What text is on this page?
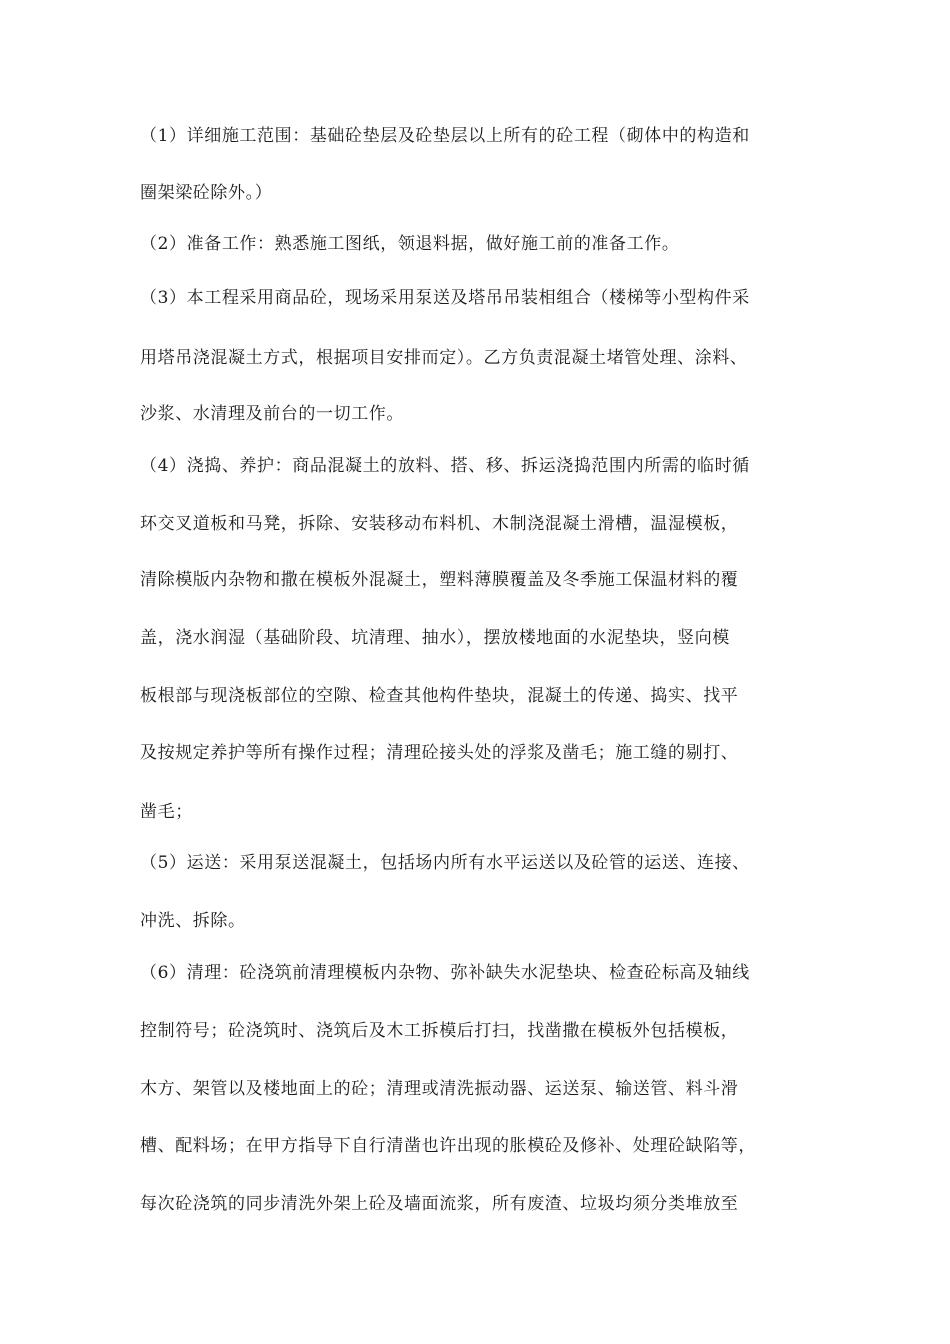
（1）详细施工范围：基础砼垫层及砼垫层以上所有的砼工程（砌体中的构造和
圈架梁砼除外。）
（2）准备工作：熟悉施工图纸，领退料据，做好施工前的准备工作。
（3）本工程采用商品砼，现场采用泵送及塔吊吊装相组合（楼梯等小型构件采
用塔吊浇混凝土方式，根据项目安排而定）。乙方负责混凝土堵管处理、涂料、
沙浆、水清理及前台的一切工作。
（4）浇捣、养护：商品混凝土的放料、搭、移、拆运浇捣范围内所需的临时循
环交叉道板和马凳，拆除、安装移动布料机、木制浇混凝土滑槽，温湿模板，
清除模版内杂物和撒在模板外混凝土，塑料薄膜覆盖及冬季施工保温材料的覆
盖，浇水润湿（基础阶段、坑清理、抽水），摆放楼地面的水泥垫块，竖向模
板根部与现浇板部位的空隙、检查其他构件垫块，混凝土的传递、捣实、找平
及按规定养护等所有操作过程；清理砼接头处的浮浆及凿毛；施工缝的剔打、
凿毛；
（5）运送：采用泵送混凝土，包括场内所有水平运送以及砼管的运送、连接、
冲洗、拆除。
（6）清理：砼浇筑前清理模板内杂物、弥补缺失水泥垫块、检查砼标高及轴线
控制符号；砼浇筑时、浇筑后及木工拆模后打扫，找凿撒在模板外包括模板，
木方、架管以及楼地面上的砼；清理或清洗振动器、运送泵、输送管、料斗滑
槽、配料场；在甲方指导下自行清凿也许出现的胀模砼及修补、处理砼缺陷等，
每次砼浇筑的同步清洗外架上砼及墙面流浆，所有废渣、垃圾均须分类堆放至
